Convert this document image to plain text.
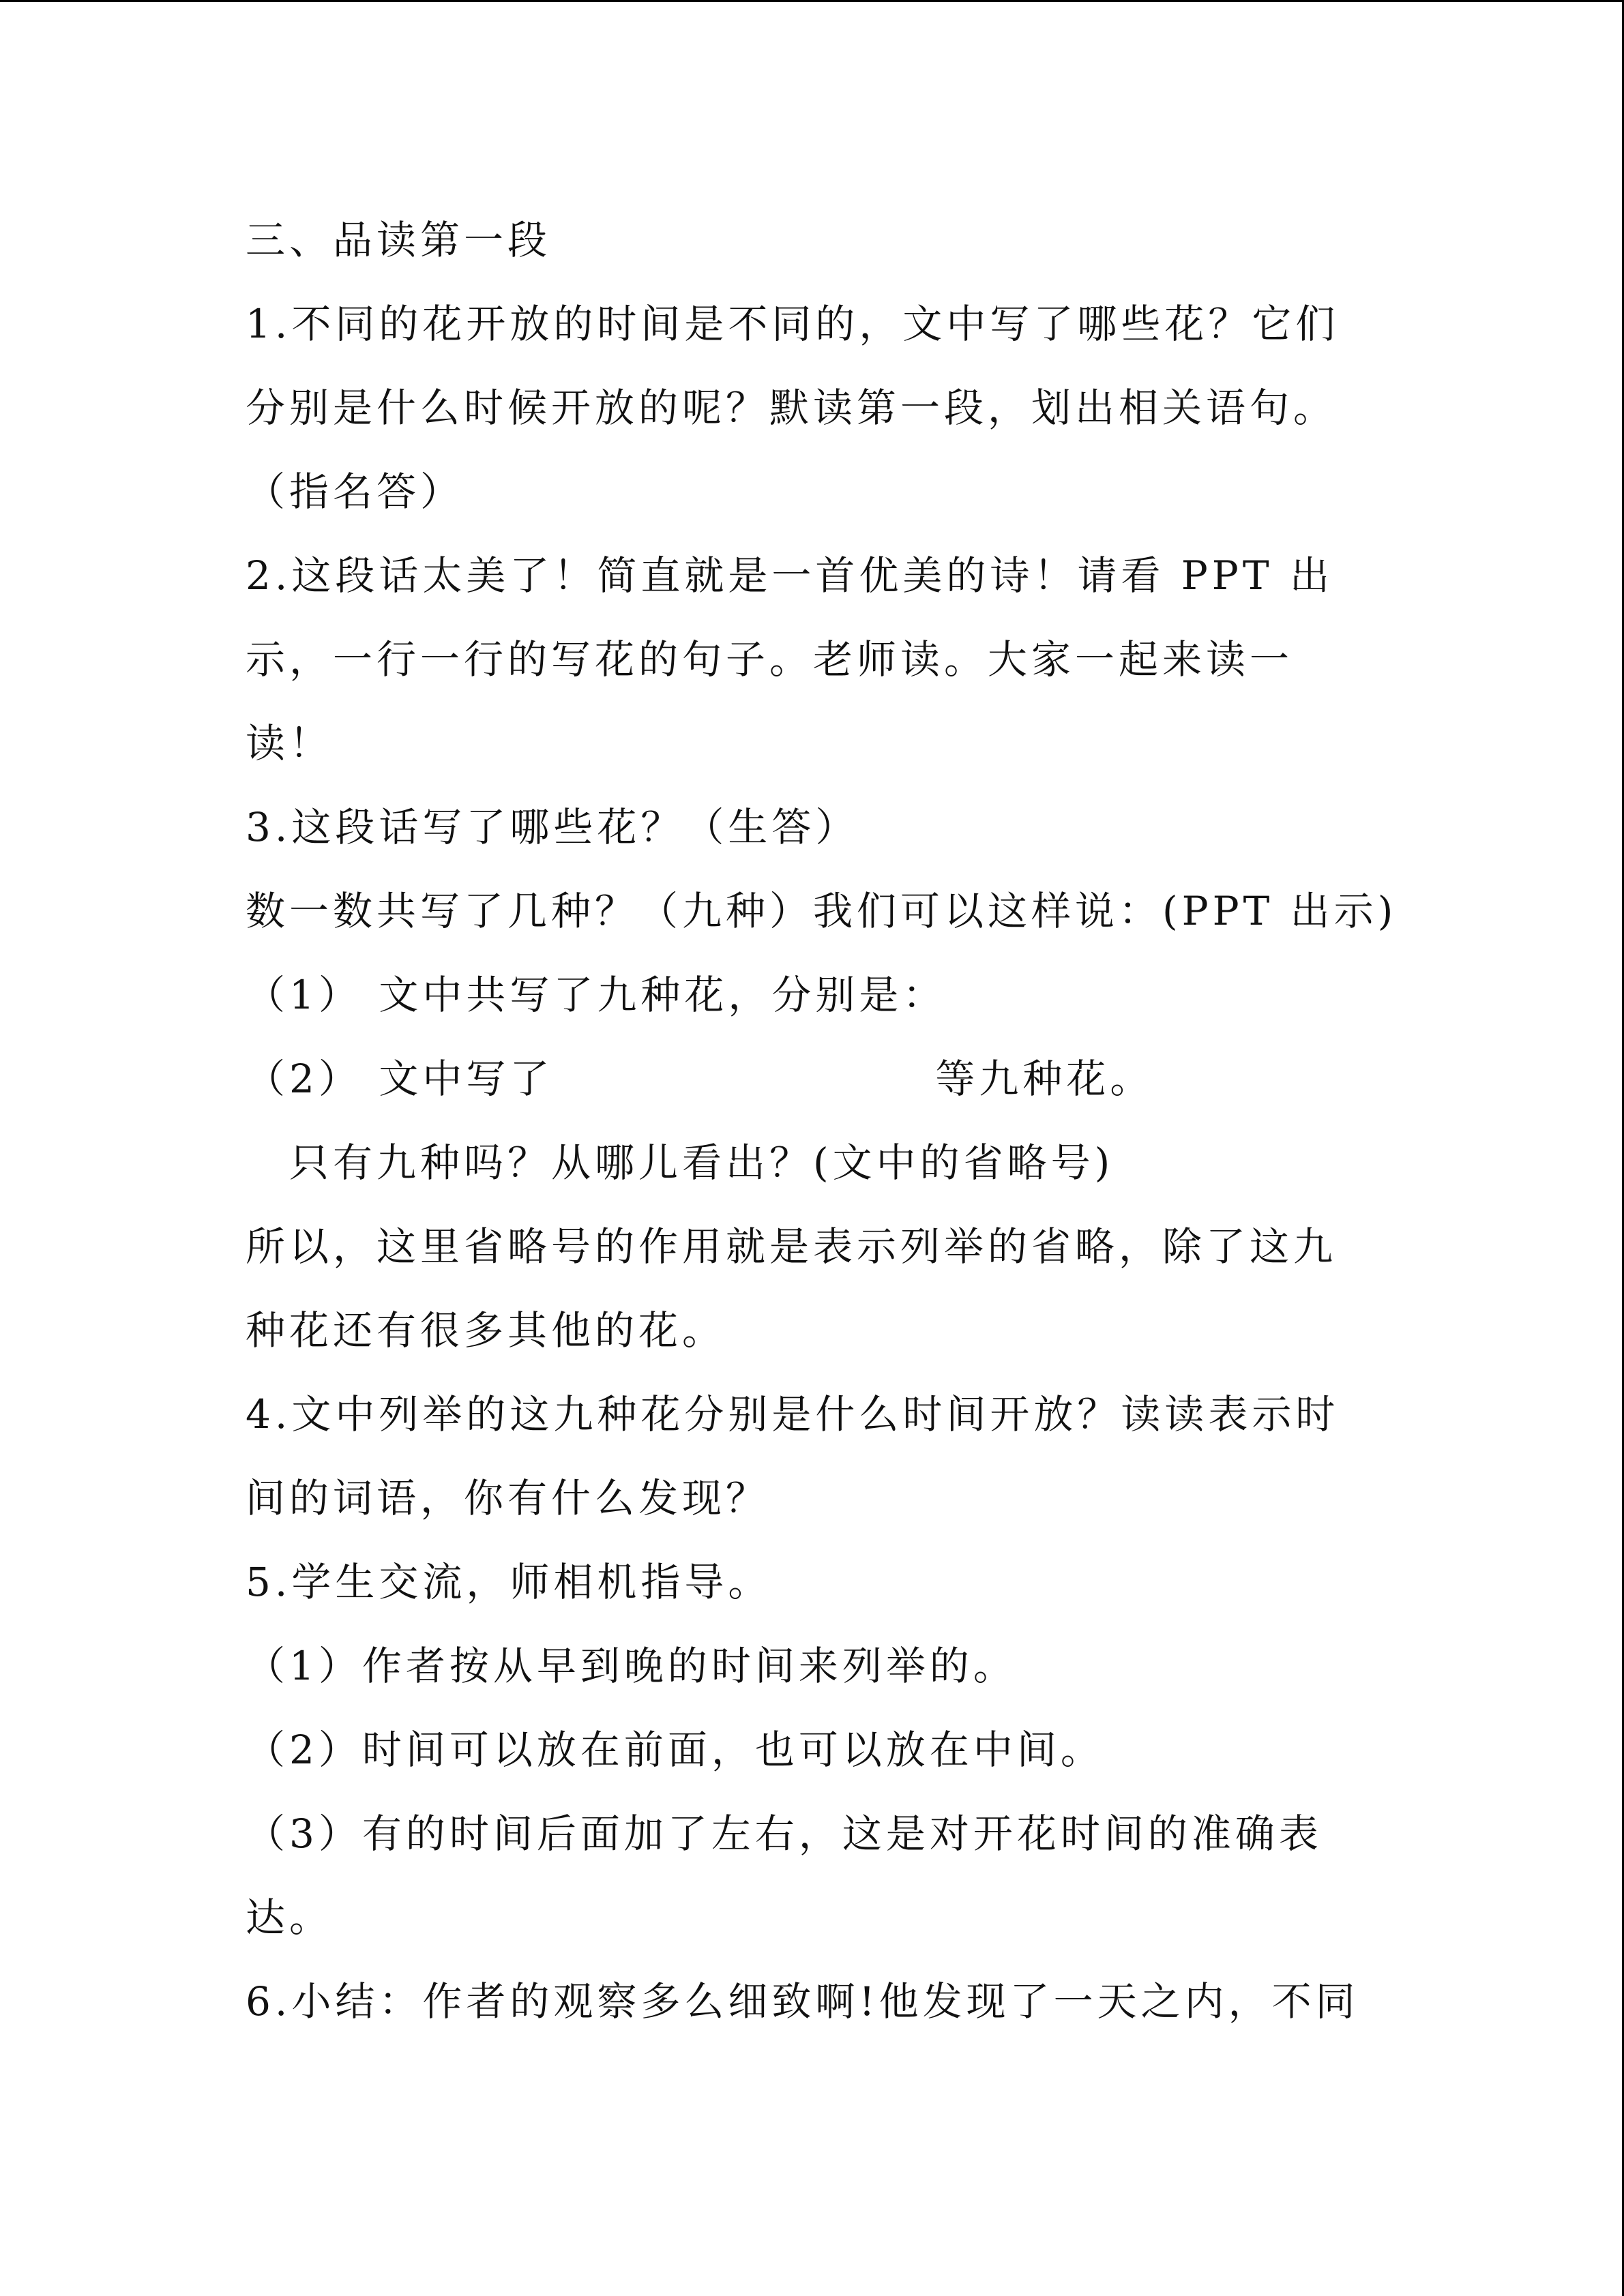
三、品读第一段
1.不同的花开放的时间是不同的，文中写了哪些花？它们
分别是什么时候开放的呢？默读第一段，划出相关语句。
（指名答）
2.这段话太美了！简直就是一首优美的诗！请看 PPT 出
示，一行一行的写花的句子。老师读。大家一起来读一
读！
3.这段话写了哪些花？（生答）
数一数共写了几种？（九种）我们可以这样说：(PPT 出示)
（1） 文中共写了九种花，分别是：
（2） 文中写了	等九种花。
只有九种吗？从哪儿看出？(文中的省略号)
所以，这里省略号的作用就是表示列举的省略，除了这九
种花还有很多其他的花。
4.文中列举的这九种花分别是什么时间开放？读读表示时
间的词语，你有什么发现？
5.学生交流，师相机指导。
（1）作者按从早到晚的时间来列举的。
（2）时间可以放在前面，也可以放在中间。
（3）有的时间后面加了左右，这是对开花时间的准确表
达。
6.小结：作者的观察多么细致啊!他发现了一天之内，不同
